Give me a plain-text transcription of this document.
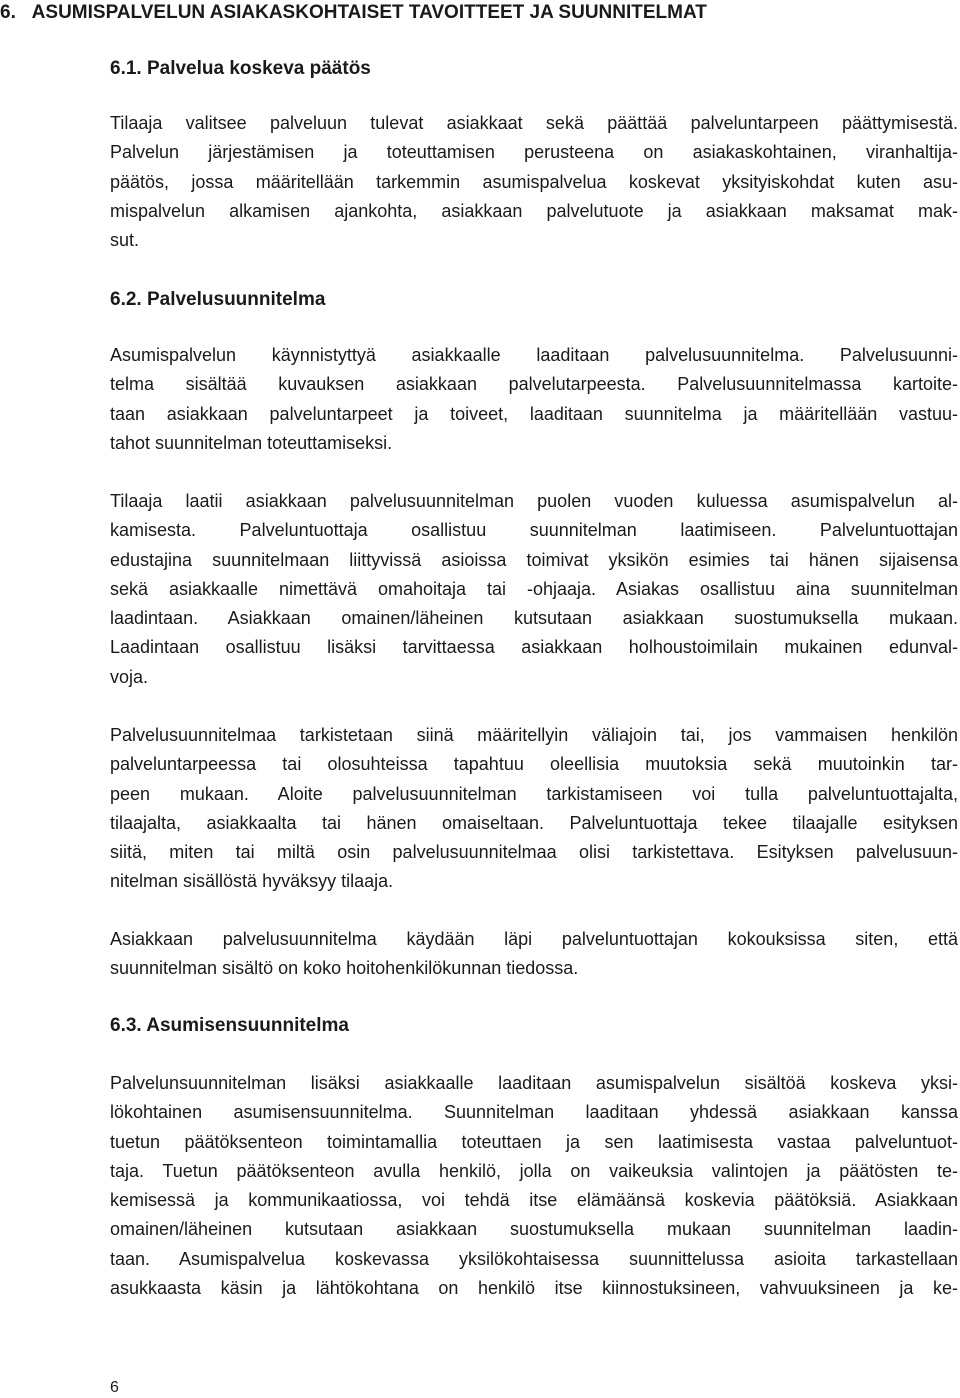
6.   ASUMISPALVELUN ASIAKASKOHTAISET TAVOITTEET JA SUUNNITELMAT
6.1. Palvelua koskeva päätös
Tilaaja valitsee palveluun tulevat asiakkaat sekä päättää palveluntarpeen päättymisestä.
Palvelun järjestämisen ja toteuttamisen perusteena on asiakaskohtainen, viranhaltija-
päätös, jossa määritellään tarkemmin asumispalvelua koskevat yksityiskohdat kuten asu-
mispalvelun alkamisen ajankohta, asiakkaan palvelutuote ja asiakkaan maksamat mak-
sut.
6.2. Palvelusuunnitelma
Asumispalvelun käynnistyttyä asiakkaalle laaditaan palvelusuunnitelma. Palvelusuunni-
telma sisältää kuvauksen asiakkaan palvelutarpeesta. Palvelusuunnitelmassa kartoite-
taan asiakkaan palveluntarpeet ja toiveet, laaditaan suunnitelma ja määritellään vastuu-
tahot suunnitelman toteuttamiseksi.
Tilaaja laatii asiakkaan palvelusuunnitelman puolen vuoden kuluessa asumispalvelun al-
kamisesta. Palveluntuottaja osallistuu suunnitelman laatimiseen. Palveluntuottajan
edustajina suunnitelmaan liittyvissä asioissa toimivat yksikön esimies tai hänen sijaisensa
sekä asiakkaalle nimettävä omahoitaja tai -ohjaaja. Asiakas osallistuu aina suunnitelman
laadintaan. Asiakkaan omainen/läheinen kutsutaan asiakkaan suostumuksella mukaan.
Laadintaan osallistuu lisäksi tarvittaessa asiakkaan holhoustoimilain mukainen edunval-
voja.
Palvelusuunnitelmaa tarkistetaan siinä määritellyin väliajoin tai, jos vammaisen henkilön
palveluntarpeessa tai olosuhteissa tapahtuu oleellisia muutoksia sekä muutoinkin tar-
peen mukaan. Aloite palvelusuunnitelman tarkistamiseen voi tulla palveluntuottajalta,
tilaajalta, asiakkaalta tai hänen omaiseltaan. Palveluntuottaja tekee tilaajalle esityksen
siitä, miten tai miltä osin palvelusuunnitelmaa olisi tarkistettava. Esityksen palvelusuun-
nitelman sisällöstä hyväksyy tilaaja.
Asiakkaan palvelusuunnitelma käydään läpi palveluntuottajan kokouksissa siten, että
suunnitelman sisältö on koko hoitohenkilökunnan tiedossa.
6.3. Asumisensuunnitelma
Palvelunsuunnitelman lisäksi asiakkaalle laaditaan asumispalvelun sisältöä koskeva yksi-
lökohtainen asumisensuunnitelma. Suunnitelman laaditaan yhdessä asiakkaan kanssa
tuetun päätöksenteon toimintamallia toteuttaen ja sen laatimisesta vastaa palveluntuot-
taja. Tuetun päätöksenteon avulla henkilö, jolla on vaikeuksia valintojen ja päätösten te-
kemisessä ja kommunikaatiossa, voi tehdä itse elämäänsä koskevia päätöksiä. Asiakkaan
omainen/läheinen kutsutaan asiakkaan suostumuksella mukaan suunnitelman laadin-
taan. Asumispalvelua koskevassa yksilökohtaisessa suunnittelussa asioita tarkastellaan
asukkaasta käsin ja lähtökohtana on henkilö itse kiinnostuksineen, vahvuuksineen ja ke-
6
